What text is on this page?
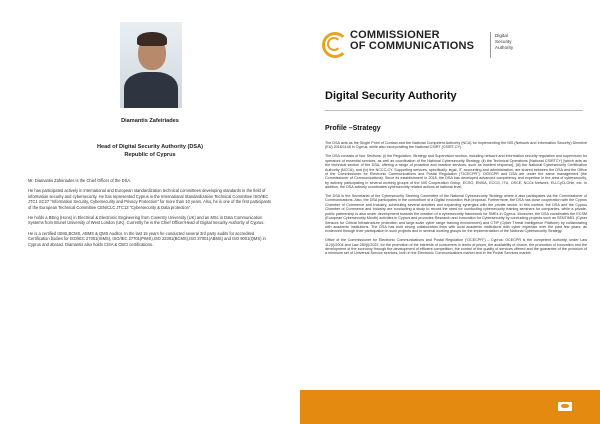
Diamantis Zafeiriades
Head of Digital Security Authority (DSA)
Republic of Cyprus

Mr. Diamantis Zafeiriades is the Chief Officer of the DSA.

He has participated actively in international and European standardization technical committees developing standards in the field of information security and cybersecurity. He has represented Cyprus in the International Standardization Technical Committee ISO/IEC JTC1 SC27 "Information Security, Cybersecurity and Privacy Protection" for more than 10 years. Also, he is one of the first participants of the European Technical Committee CEN/CLC JTC13 "Cybersecurity & Data protection".

He holds a BEng (Hons) in Electrical & Electronic Engineering from Coventry University (UK) and an MSc in Data Communication Systems from Brunel University of West London (UK). Currently he is the Chief Officer/Head of Digital Security Authority of Cyprus.

He is a certified ISMS,BCMS, ABMS & QMS Auditor. In the last 15 years he conducted several 3rd party audits for accredited Certification bodies for ISO/IEC 27001(ISMS), ISO/IEC 27701(PIMS),ISO 22301(BCMS),ISO 37001(ABMS) and ISO 9001(QMS) in Cyprus and abroad. Diamantis also holds CISA & CBCI certifications.

COMMISSIONER
OF COMMUNICATIONS
Digital
Security
Authority
Digital Security Authority
Profile –Strategy

The DSA acts as the Single Point of Contact and the National Competent Authority (NCA) for implementing the NIS (Network and Information Security) Directive (EU) 2016/1148 in Cyprus, while also incorporating the National CSIRT (CSIRT-CY).

The DSA consists of four Sections: (i) the Regulation, Strategy and Supervision section, including network and information security regulation and supervision for operators of essential services, as well as coordination of the National Cybersecurity Strategy, (ii) the Technical Operations (National CSIRTCY) [which acts as the technical section of the DSA, offering a range of proactive and reactive services, such as incident response], (iii) the National Cybersecurity Certification Authority (NCCA), and (iv) the NCCC-CY. Supporting services, specifically, legal, IT, accounting and administration, are shared between the DSA and the Office of the Commissioner for Electronic Communications and Postal Regulation ("OCECPR"). OCECPR and DSA are under the same management (the Commissioner of Communications). Since its establishment in 2018, the DSA has developed advanced competency and expertise in the area of cybersecurity, by actively participating in several working groups of the NIS Cooperation Group, ECSO, ENISA, ECCG, ITU, OSCE, NCCs Network, EU-CyCLONe, etc. In addition, the DSA actively coordinates cybersecurity related actions at national level.

The DSA is the Secretariat of the Cybersecurity Steering Committee of the National Cybersecurity Strategy where it also participates via the Commissioner of Communications. Also, the DSA participates in the consortium of a Digital Innovation Hub proposal. Furthermore, the DSA has close cooperation with the Cyprus Chamber of Commerce and Industry, scheduling several activities and expanding synergies with the private sector. In this context, the DSA and the Cyprus Chamber of Commerce and Industry are conducting a study to record the need for conducting cybersecurity training seminars for companies, while a private-public partnership is also under development towards the creation of a cybersecurity framework for SMEs in Cyprus. Moreover, the DSA coordinates the ECSM (European Cybersecurity Month) activities in Cyprus and promotes Research and Innovation for Cybersecurity by conducting projects such as SENTINEL (Cyber Sensors for Critical Infrastructure protection and large-scale cyber range training environment) and CTIP (Cyber Threat Intelligence Platform) by collaborating with academic institutions. The DSA has built strong collaboration links with local academic institutions with cyber expertise over the past few years, as evidenced through their participation in such projects and in several working groups for the implementation of the National Cybersecurity Strategy.

Office of the Commissioner for Electronic Communications and Postal Regulation ("OCECPR") – Cyprus: OCECPR is the competent authority, under Law 112(I)/2004 and Law 280(I)/2022, for the promotion of the interests of consumers in terms of prices, the availability of choice, the promotion of innovation and the development of the economy through the development of efficient competition, the control of the quality of services offered and the guarantee of the provision of a minimum set of Universal Service services, both in the Electronic Communications market and in the Postal Services market.
